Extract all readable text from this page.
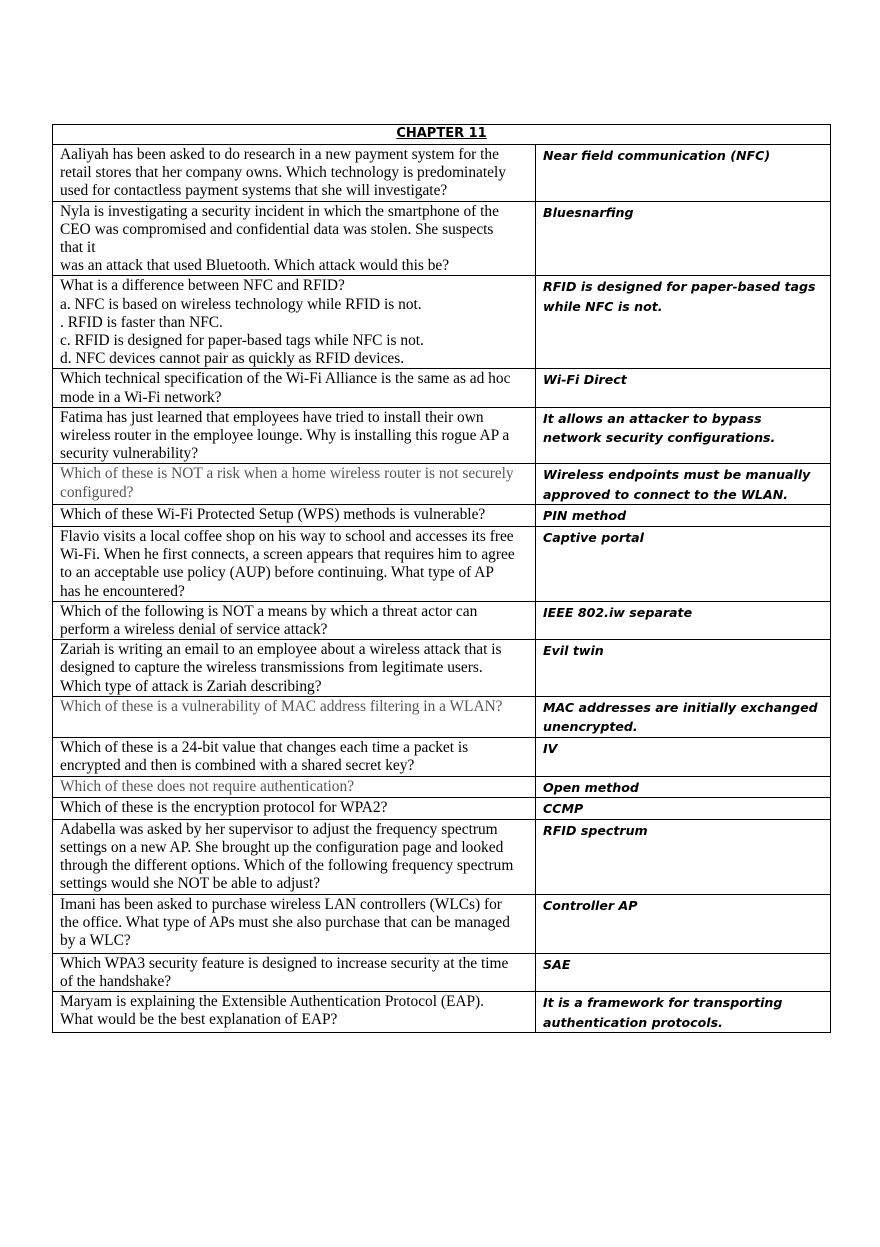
CHAPTER 11	
Aaliyah has been asked to do research in a new payment system for the
retail stores that her company owns. Which technology is predominately
used for contactless payment systems that she will investigate?	Near field communication (NFC)
Nyla is investigating a security incident in which the smartphone of the
CEO was compromised and confidential data was stolen. She suspects
that it
was an attack that used Bluetooth. Which attack would this be?	Bluesnarfing
What is a difference between NFC and RFID?
a. NFC is based on wireless technology while RFID is not.
. RFID is faster than NFC.
c. RFID is designed for paper-based tags while NFC is not.
d. NFC devices cannot pair as quickly as RFID devices.	RFID is designed for paper-based tags while NFC is not.
Which technical specification of the Wi-Fi Alliance is the same as ad hoc
mode in a Wi-Fi network?	Wi-Fi Direct
Fatima has just learned that employees have tried to install their own
wireless router in the employee lounge. Why is installing this rogue AP a
security vulnerability?	It allows an attacker to bypass network security configurations.
Which of these is NOT a risk when a home wireless router is not securely
configured?	Wireless endpoints must be manually approved to connect to the WLAN.
Which of these Wi-Fi Protected Setup (WPS) methods is vulnerable?	PIN method
Flavio visits a local coffee shop on his way to school and accesses its free
Wi-Fi. When he first connects, a screen appears that requires him to agree
to an acceptable use policy (AUP) before continuing. What type of AP
has he encountered?	Captive portal
Which of the following is NOT a means by which a threat actor can
perform a wireless denial of service attack?	IEEE 802.iw separate
Zariah is writing an email to an employee about a wireless attack that is
designed to capture the wireless transmissions from legitimate users.
Which type of attack is Zariah describing?	Evil twin
Which of these is a vulnerability of MAC address filtering in a WLAN?	MAC addresses are initially exchanged unencrypted.
Which of these is a 24-bit value that changes each time a packet is
encrypted and then is combined with a shared secret key?	IV
Which of these does not require authentication?	Open method
Which of these is the encryption protocol for WPA2?	CCMP
Adabella was asked by her supervisor to adjust the frequency spectrum
settings on a new AP. She brought up the configuration page and looked
through the different options. Which of the following frequency spectrum
settings would she NOT be able to adjust?	RFID spectrum
Imani has been asked to purchase wireless LAN controllers (WLCs) for
the office. What type of APs must she also purchase that can be managed
by a WLC?	Controller AP
Which WPA3 security feature is designed to increase security at the time
of the handshake?	SAE
Maryam is explaining the Extensible Authentication Protocol (EAP).
What would be the best explanation of EAP?	It is a framework for transporting authentication protocols.
